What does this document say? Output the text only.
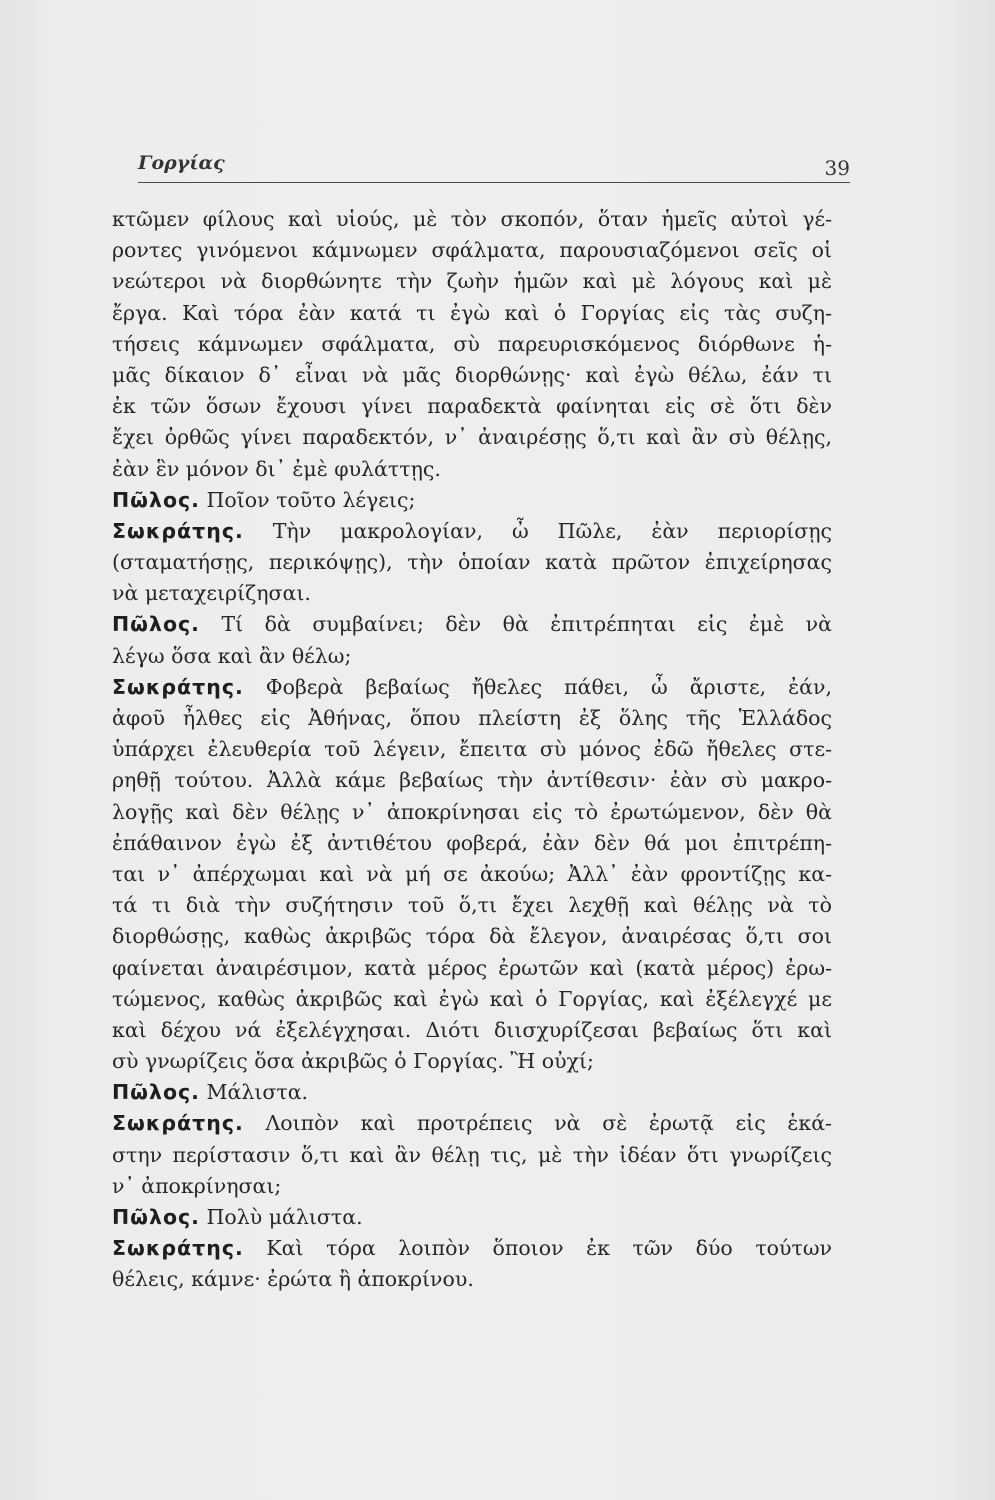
Γοργίας	39
κτῶμεν φίλους καὶ υἱούς, μὲ τὸν σκοπόν, ὅταν ἡμεῖς αὐτοὶ γέ-
ροντες γινόμενοι κάμνωμεν σφάλματα, παρουσιαζόμενοι σεῖς οἱ
νεώτεροι νὰ διορθώνητε τὴν ζωὴν ἡμῶν καὶ μὲ λόγους καὶ μὲ
ἔργα. Καὶ τόρα ἐὰν κατά τι ἐγὼ καὶ ὁ Γοργίας εἰς τὰς συζη-
τήσεις κάμνωμεν σφάλματα, σὺ παρευρισκόμενος διόρθωνε ἡ-
μᾶς δίκαιον δ᾽ εἶναι νὰ μᾶς διορθώνῃς· καὶ ἐγὼ θέλω, ἐάν τι
ἐκ τῶν ὅσων ἔχουσι γίνει παραδεκτὰ φαίνηται εἰς σὲ ὅτι δὲν
ἔχει ὀρθῶς γίνει παραδεκτόν, ν᾽ ἀναιρέσῃς ὅ,τι καὶ ἂν σὺ θέλῃς,
ἐὰν ἓν μόνον δι᾽ ἐμὲ φυλάττῃς.
Πῶλος. Ποῖον τοῦτο λέγεις;
Σωκράτης. Τὴν μακρολογίαν, ὦ Πῶλε, ἐὰν περιορίσῃς
(σταματήσῃς, περικόψῃς), τὴν ὁποίαν κατὰ πρῶτον ἐπιχείρησας
νὰ μεταχειρίζησαι.
Πῶλος. Τί δὰ συμβαίνει; δὲν θὰ ἐπιτρέπηται εἰς ἐμὲ νὰ
λέγω ὅσα καὶ ἂν θέλω;
Σωκράτης. Φοβερὰ βεβαίως ἤθελες πάθει, ὦ ἄριστε, ἐάν,
ἀφοῦ ἦλθες εἰς Ἀθήνας, ὅπου πλείστη ἐξ ὅλης τῆς Ἑλλάδος
ὑπάρχει ἐλευθερία τοῦ λέγειν, ἔπειτα σὺ μόνος ἐδῶ ἤθελες στε-
ρηθῇ τούτου. Ἀλλὰ κάμε βεβαίως τὴν ἀντίθεσιν· ἐὰν σὺ μακρο-
λογῇς καὶ δὲν θέλῃς ν᾽ ἀποκρίνησαι εἰς τὸ ἐρωτώμενον, δὲν θὰ
ἐπάθαινον ἐγὼ ἐξ ἀντιθέτου φοβερά, ἐὰν δὲν θά μοι ἐπιτρέπη-
ται ν᾽ ἀπέρχωμαι καὶ νὰ μή σε ἀκούω; Ἀλλ᾽ ἐὰν φροντίζῃς κα-
τά τι διὰ τὴν συζήτησιν τοῦ ὅ,τι ἔχει λεχθῇ καὶ θέλῃς νὰ τὸ
διορθώσῃς, καθὼς ἀκριβῶς τόρα δὰ ἔλεγον, ἀναιρέσας ὅ,τι σοι
φαίνεται ἀναιρέσιμον, κατὰ μέρος ἐρωτῶν καὶ (κατὰ μέρος) ἐρω-
τώμενος, καθὼς ἀκριβῶς καὶ ἐγὼ καὶ ὁ Γοργίας, καὶ ἐξέλεγχέ με
καὶ δέχου νά ἐξελέγχησαι. Διότι διισχυρίζεσαι βεβαίως ὅτι καὶ
σὺ γνωρίζεις ὅσα ἀκριβῶς ὁ Γοργίας. Ἢ οὐχί;
Πῶλος. Μάλιστα.
Σωκράτης. Λοιπὸν καὶ προτρέπεις νὰ σὲ ἐρωτᾷ εἰς ἑκά-
στην περίστασιν ὅ,τι καὶ ἂν θέλῃ τις, μὲ τὴν ἰδέαν ὅτι γνωρίζεις
ν᾽ ἀποκρίνησαι;
Πῶλος. Πολὺ μάλιστα.
Σωκράτης. Καὶ τόρα λοιπὸν ὅποιον ἐκ τῶν δύο τούτων
θέλεις, κάμνε· ἐρώτα ἢ ἀποκρίνου.
